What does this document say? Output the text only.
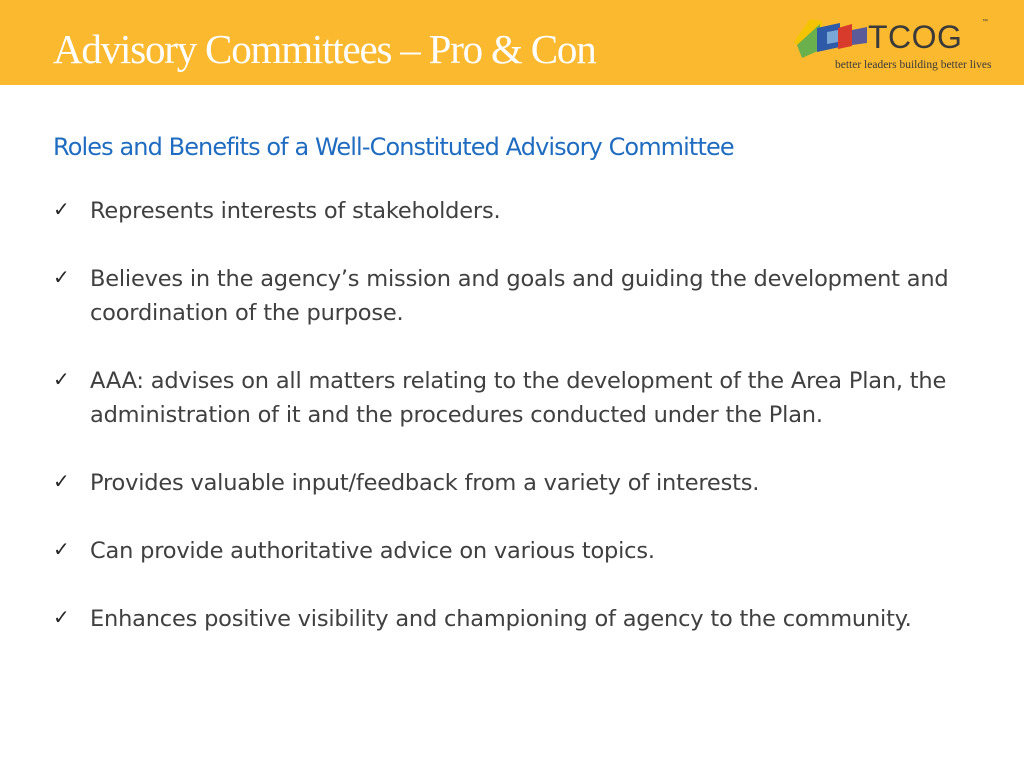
Advisory Committees – Pro & Con	TCOG	™
better leaders building better lives
Roles and Benefits of a Well-Constituted Advisory Committee
✓ Represents interests of stakeholders.
✓ Believes in the agency’s mission and goals and guiding the development and coordination of the purpose.
✓ AAA: advises on all matters relating to the development of the Area Plan, the administration of it and the procedures conducted under the Plan.
✓ Provides valuable input/feedback from a variety of interests.
✓ Can provide authoritative advice on various topics.
✓ Enhances positive visibility and championing of agency to the community.
